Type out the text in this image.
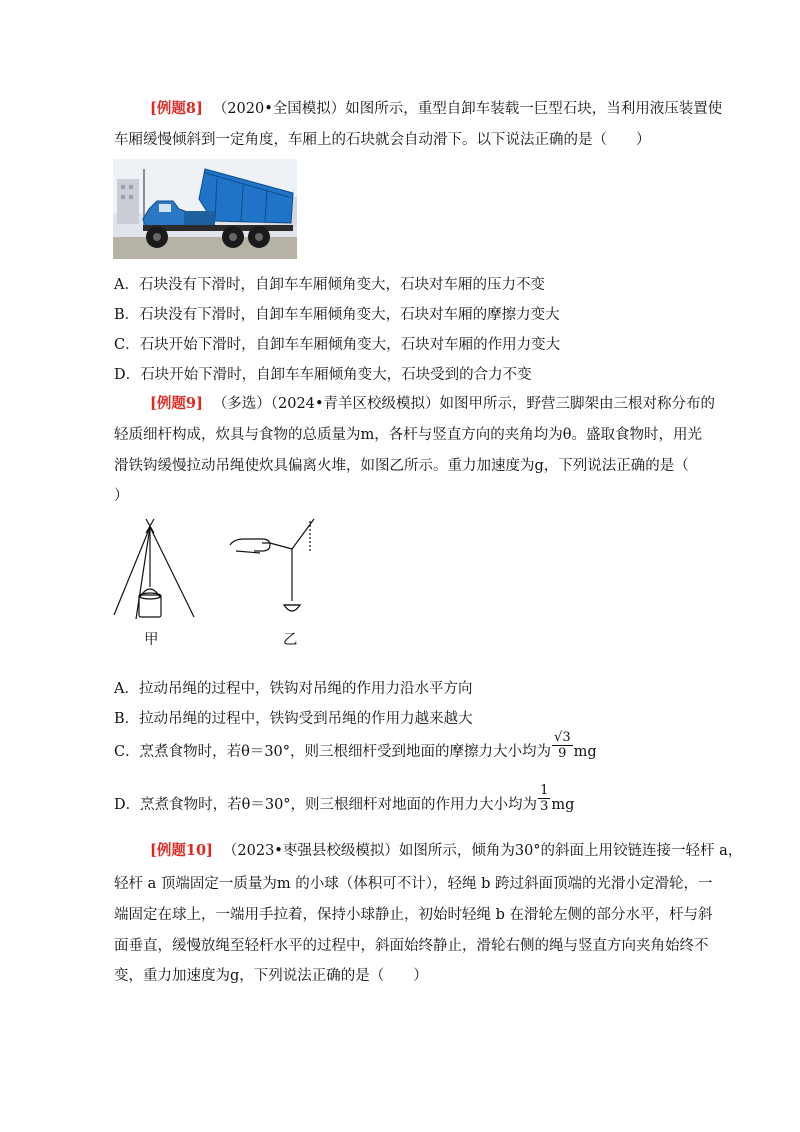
[例题8] （2020•全国模拟）如图所示，重型自卸车装载一巨型石块，当利用液压装置使
车厢缓慢倾斜到一定角度，车厢上的石块就会自动滑下。以下说法正确的是（　　）
A．石块没有下滑时，自卸车车厢倾角变大，石块对车厢的压力不变
B．石块没有下滑时，自卸车车厢倾角变大，石块对车厢的摩擦力变大
C．石块开始下滑时，自卸车车厢倾角变大，石块对车厢的作用力变大
D．石块开始下滑时，自卸车车厢倾角变大，石块受到的合力不变
[例题9] （多选）（2024•青羊区校级模拟）如图甲所示，野营三脚架由三根对称分布的
轻质细杆构成，炊具与食物的总质量为m，各杆与竖直方向的夹角均为θ。盛取食物时，用光
滑铁钩缓慢拉动吊绳使炊具偏离火堆，如图乙所示。重力加速度为g，下列说法正确的是（
）
甲	乙
A．拉动吊绳的过程中，铁钩对吊绳的作用力沿水平方向
B．拉动吊绳的过程中，铁钩受到吊绳的作用力越来越大
C．烹煮食物时，若θ＝30°，则三根细杆受到地面的摩擦力大小均为 $\frac{√3}{9}$ mg
D．烹煮食物时，若θ＝30°，则三根细杆对地面的作用力大小均为 $\frac{1}{3}$ mg
[例题10] （2023•枣强县校级模拟）如图所示，倾角为30°的斜面上用铰链连接一轻杆 a，
轻杆 a 顶端固定一质量为m 的小球（体积可不计），轻绳 b 跨过斜面顶端的光滑小定滑轮，一
端固定在球上，一端用手拉着，保持小球静止，初始时轻绳 b 在滑轮左侧的部分水平，杆与斜
面垂直，缓慢放绳至轻杆水平的过程中，斜面始终静止，滑轮右侧的绳与竖直方向夹角始终不
变，重力加速度为g，下列说法正确的是（　　）
